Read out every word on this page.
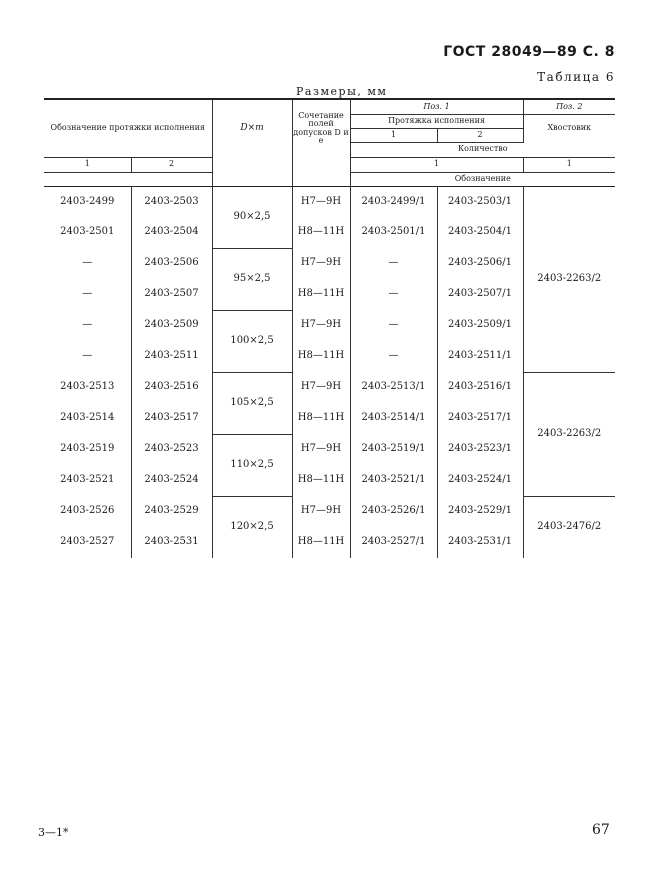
ГОСТ 28049—89 С. 8
Таблица 6
Размеры, мм
Обозначение протяжки исполнения		D×m	Сочетание полей допусков D и е	Поз. 1		Поз. 2
				Протяжка исполнения		Хвостовик
				1	2	
				Количество		
1	2			1		1
				Обозначение		
2403-2499	2403-2503	90×2,5	Н7—9Н	2403-2499/1	2403-2503/1	2403-2263/2
2403-2501	2403-2504		Н8—11Н	2403-2501/1	2403-2504/1	
—	2403-2506	95×2,5	Н7—9Н	—	2403-2506/1	
—	2403-2507		Н8—11Н	—	2403-2507/1	
—	2403-2509	100×2,5	Н7—9Н	—	2403-2509/1	
—	2403-2511		Н8—11Н	—	2403-2511/1	
2403-2513	2403-2516	105×2,5	Н7—9Н	2403-2513/1	2403-2516/1	2403-2263/2
2403-2514	2403-2517		Н8—11Н	2403-2514/1	2403-2517/1	
2403-2519	2403-2523	110×2,5	Н7—9Н	2403-2519/1	2403-2523/1	
2403-2521	2403-2524		Н8—11Н	2403-2521/1	2403-2524/1	
2403-2526	2403-2529	120×2,5	Н7—9Н	2403-2526/1	2403-2529/1	2403-2476/2
2403-2527	2403-2531		Н8—11Н	2403-2527/1	2403-2531/1	
3—1*	67
